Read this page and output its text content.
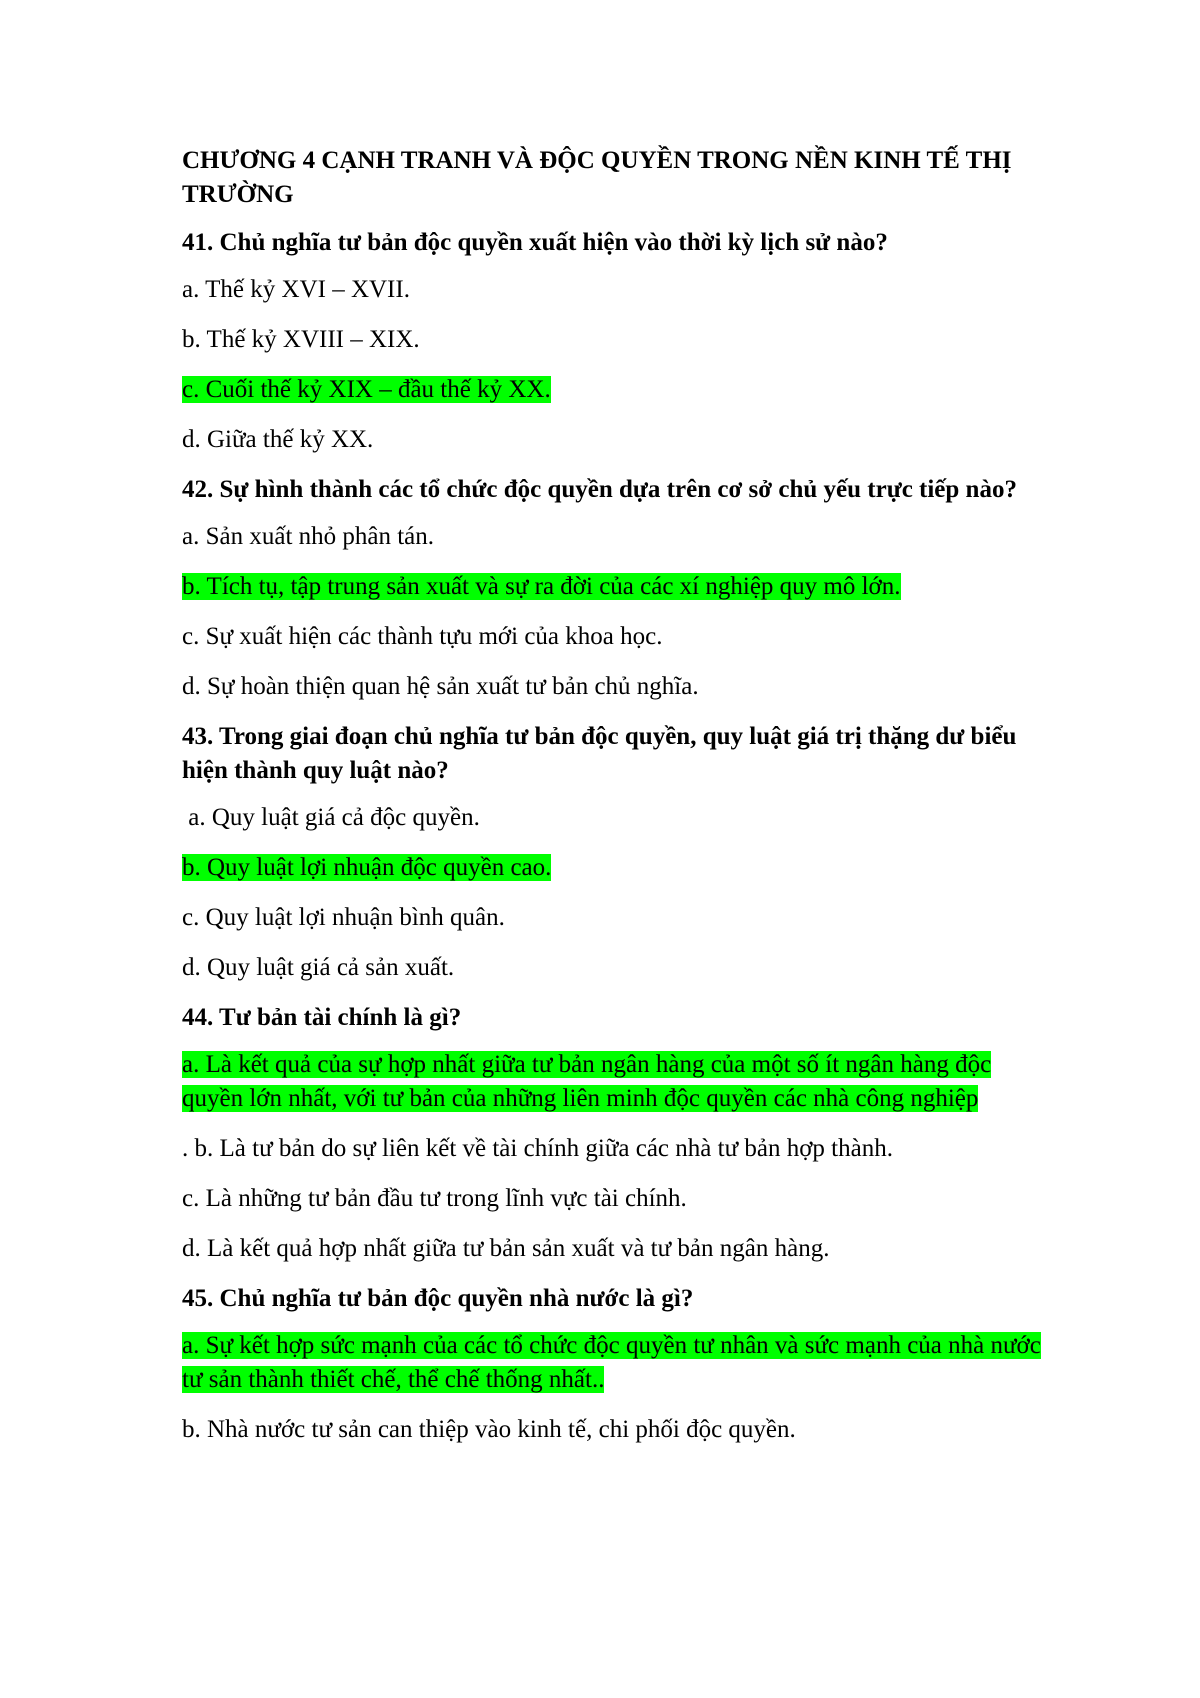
CHƯƠNG 4 CẠNH TRANH VÀ ĐỘC QUYỀN TRONG NỀN KINH TẾ THỊ TRƯỜNG
41. Chủ nghĩa tư bản độc quyền xuất hiện vào thời kỳ lịch sử nào?
a. Thế kỷ XVI – XVII.
b. Thế kỷ XVIII – XIX.
c. Cuối thế kỷ XIX – đầu thế kỷ XX.
d. Giữa thế kỷ XX.
42. Sự hình thành các tổ chức độc quyền dựa trên cơ sở chủ yếu trực tiếp nào?
a. Sản xuất nhỏ phân tán.
b. Tích tụ, tập trung sản xuất và sự ra đời của các xí nghiệp quy mô lớn.
c. Sự xuất hiện các thành tựu mới của khoa học.
d. Sự hoàn thiện quan hệ sản xuất tư bản chủ nghĩa.
43. Trong giai đoạn chủ nghĩa tư bản độc quyền, quy luật giá trị thặng dư biểu hiện thành quy luật nào?
a. Quy luật giá cả độc quyền.
b. Quy luật lợi nhuận độc quyền cao.
c. Quy luật lợi nhuận bình quân.
d. Quy luật giá cả sản xuất.
44. Tư bản tài chính là gì?
a. Là kết quả của sự hợp nhất giữa tư bản ngân hàng của một số ít ngân hàng độc quyền lớn nhất, với tư bản của những liên minh độc quyền các nhà công nghiệp
. b. Là tư bản do sự liên kết về tài chính giữa các nhà tư bản hợp thành.
c. Là những tư bản đầu tư trong lĩnh vực tài chính.
d. Là kết quả hợp nhất giữa tư bản sản xuất và tư bản ngân hàng.
45. Chủ nghĩa tư bản độc quyền nhà nước là gì?
a. Sự kết hợp sức mạnh của các tổ chức độc quyền tư nhân và sức mạnh của nhà nước tư sản thành thiết chế, thể chế thống nhất..
b. Nhà nước tư sản can thiệp vào kinh tế, chi phối độc quyền.
